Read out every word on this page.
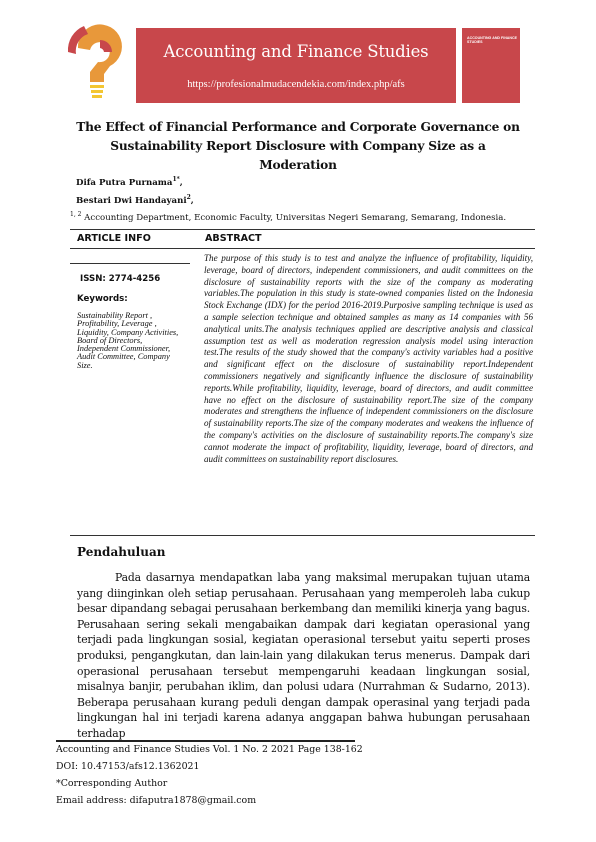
Accounting and Finance Studies
https://profesionalmudacendekia.com/index.php/afs
ACCOUNTING AND FINANCE STUDIES
The Effect of Financial Performance and Corporate Governance on Sustainability Report Disclosure with Company Size as a Moderation
Difa Putra Purnama$^{1*}$,
Bestari Dwi Handayani$^2$,
$^{1, 2}$ Accounting Department, Economic Faculty, Universitas Negeri Semarang, Semarang, Indonesia.
ARTICLE INFO	ABSTRACT
ISSN: 2774-4256
Keywords:
Sustainability Report , Profitability, Leverage , Liquidity, Company Activities, Board of Directors, Independent Commissioner, Audit Committee, Company Size.
The purpose of this study is to test and analyze the influence of profitability, liquidity, leverage, board of directors, independent commissioners, and audit committees on the disclosure of sustainability reports with the size of the company as moderating variables.The population in this study is state-owned companies listed on the Indonesia Stock Exchange (IDX) for the period 2016-2019.Purposive sampling technique is used as a sample selection technique and obtained samples as many as 14 companies with 56 analytical units.The analysis techniques applied are descriptive analysis and classical assumption test as well as moderation regression analysis model using interaction test.The results of the study showed that the company's activity variables had a positive and significant effect on the disclosure of sustainability report.Independent commissioners negatively and significantly influence the disclosure of sustainability reports.While profitability, liquidity, leverage, board of directors, and audit committee have no effect on the disclosure of sustainability report.The size of the company moderates and strengthens the influence of independent commissioners on the disclosure of sustainability reports.The size of the company moderates and weakens the influence of the company's activities on the disclosure of sustainability reports.The company's size cannot moderate the impact of profitability, liquidity, leverage, board of directors, and audit committees on sustainability report disclosures.
Pendahuluan
Pada dasarnya mendapatkan laba yang maksimal merupakan tujuan utama yang diinginkan oleh setiap perusahaan. Perusahaan yang memperoleh laba cukup besar dipandang sebagai perusahaan berkembang dan memiliki kinerja yang bagus. Perusahaan sering sekali mengabaikan dampak dari kegiatan operasional yang terjadi pada lingkungan sosial, kegiatan operasional tersebut yaitu seperti proses produksi, pengangkutan, dan lain-lain yang dilakukan terus menerus. Dampak dari operasional perusahaan tersebut mempengaruhi keadaan lingkungan sosial, misalnya banjir, perubahan iklim, dan polusi udara (Nurrahman & Sudarno, 2013). Beberapa perusahaan kurang peduli dengan dampak operasinal yang terjadi pada lingkungan hal ini terjadi karena adanya anggapan bahwa hubungan perusahaan terhadap
Accounting and Finance Studies Vol. 1 No. 2 2021 Page 138-162
DOI: 10.47153/afs12.1362021
*Corresponding Author
Email address: difaputra1878@gmail.com
